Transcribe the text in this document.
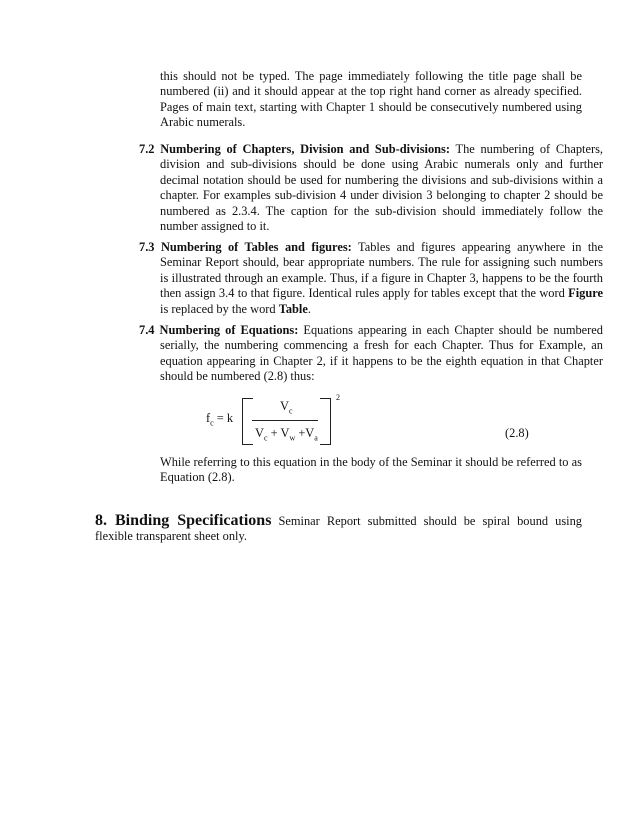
this should not be typed. The page immediately following the title page shall be numbered (ii) and it should appear at the top right hand corner as already specified. Pages of main text, starting with Chapter 1 should be consecutively numbered using Arabic numerals.
7.2 Numbering of Chapters, Division and Sub-divisions: The numbering of Chapters, division and sub-divisions should be done using Arabic numerals only and further decimal notation should be used for numbering the divisions and sub-divisions within a chapter. For examples sub-division 4 under division 3 belonging to chapter 2 should be numbered as 2.3.4. The caption for the sub-division should immediately follow the number assigned to it.
7.3 Numbering of Tables and figures: Tables and figures appearing anywhere in the Seminar Report should, bear appropriate numbers. The rule for assigning such numbers is illustrated through an example. Thus, if a figure in Chapter 3, happens to be the fourth then assign 3.4 to that figure. Identical rules apply for tables except that the word Figure is replaced by the word Table.
7.4 Numbering of Equations: Equations appearing in each Chapter should be numbered serially, the numbering commencing a fresh for each Chapter. Thus for Example, an equation appearing in Chapter 2, if it happens to be the eighth equation in that Chapter should be numbered (2.8) thus:
$f_c = k$
$V_c$
$V_c + V_w +V_a$
2
(2.8)
While referring to this equation in the body of the Seminar it should be referred to as Equation (2.8).
8. Binding Specifications Seminar Report submitted should be spiral bound using flexible transparent sheet only.
